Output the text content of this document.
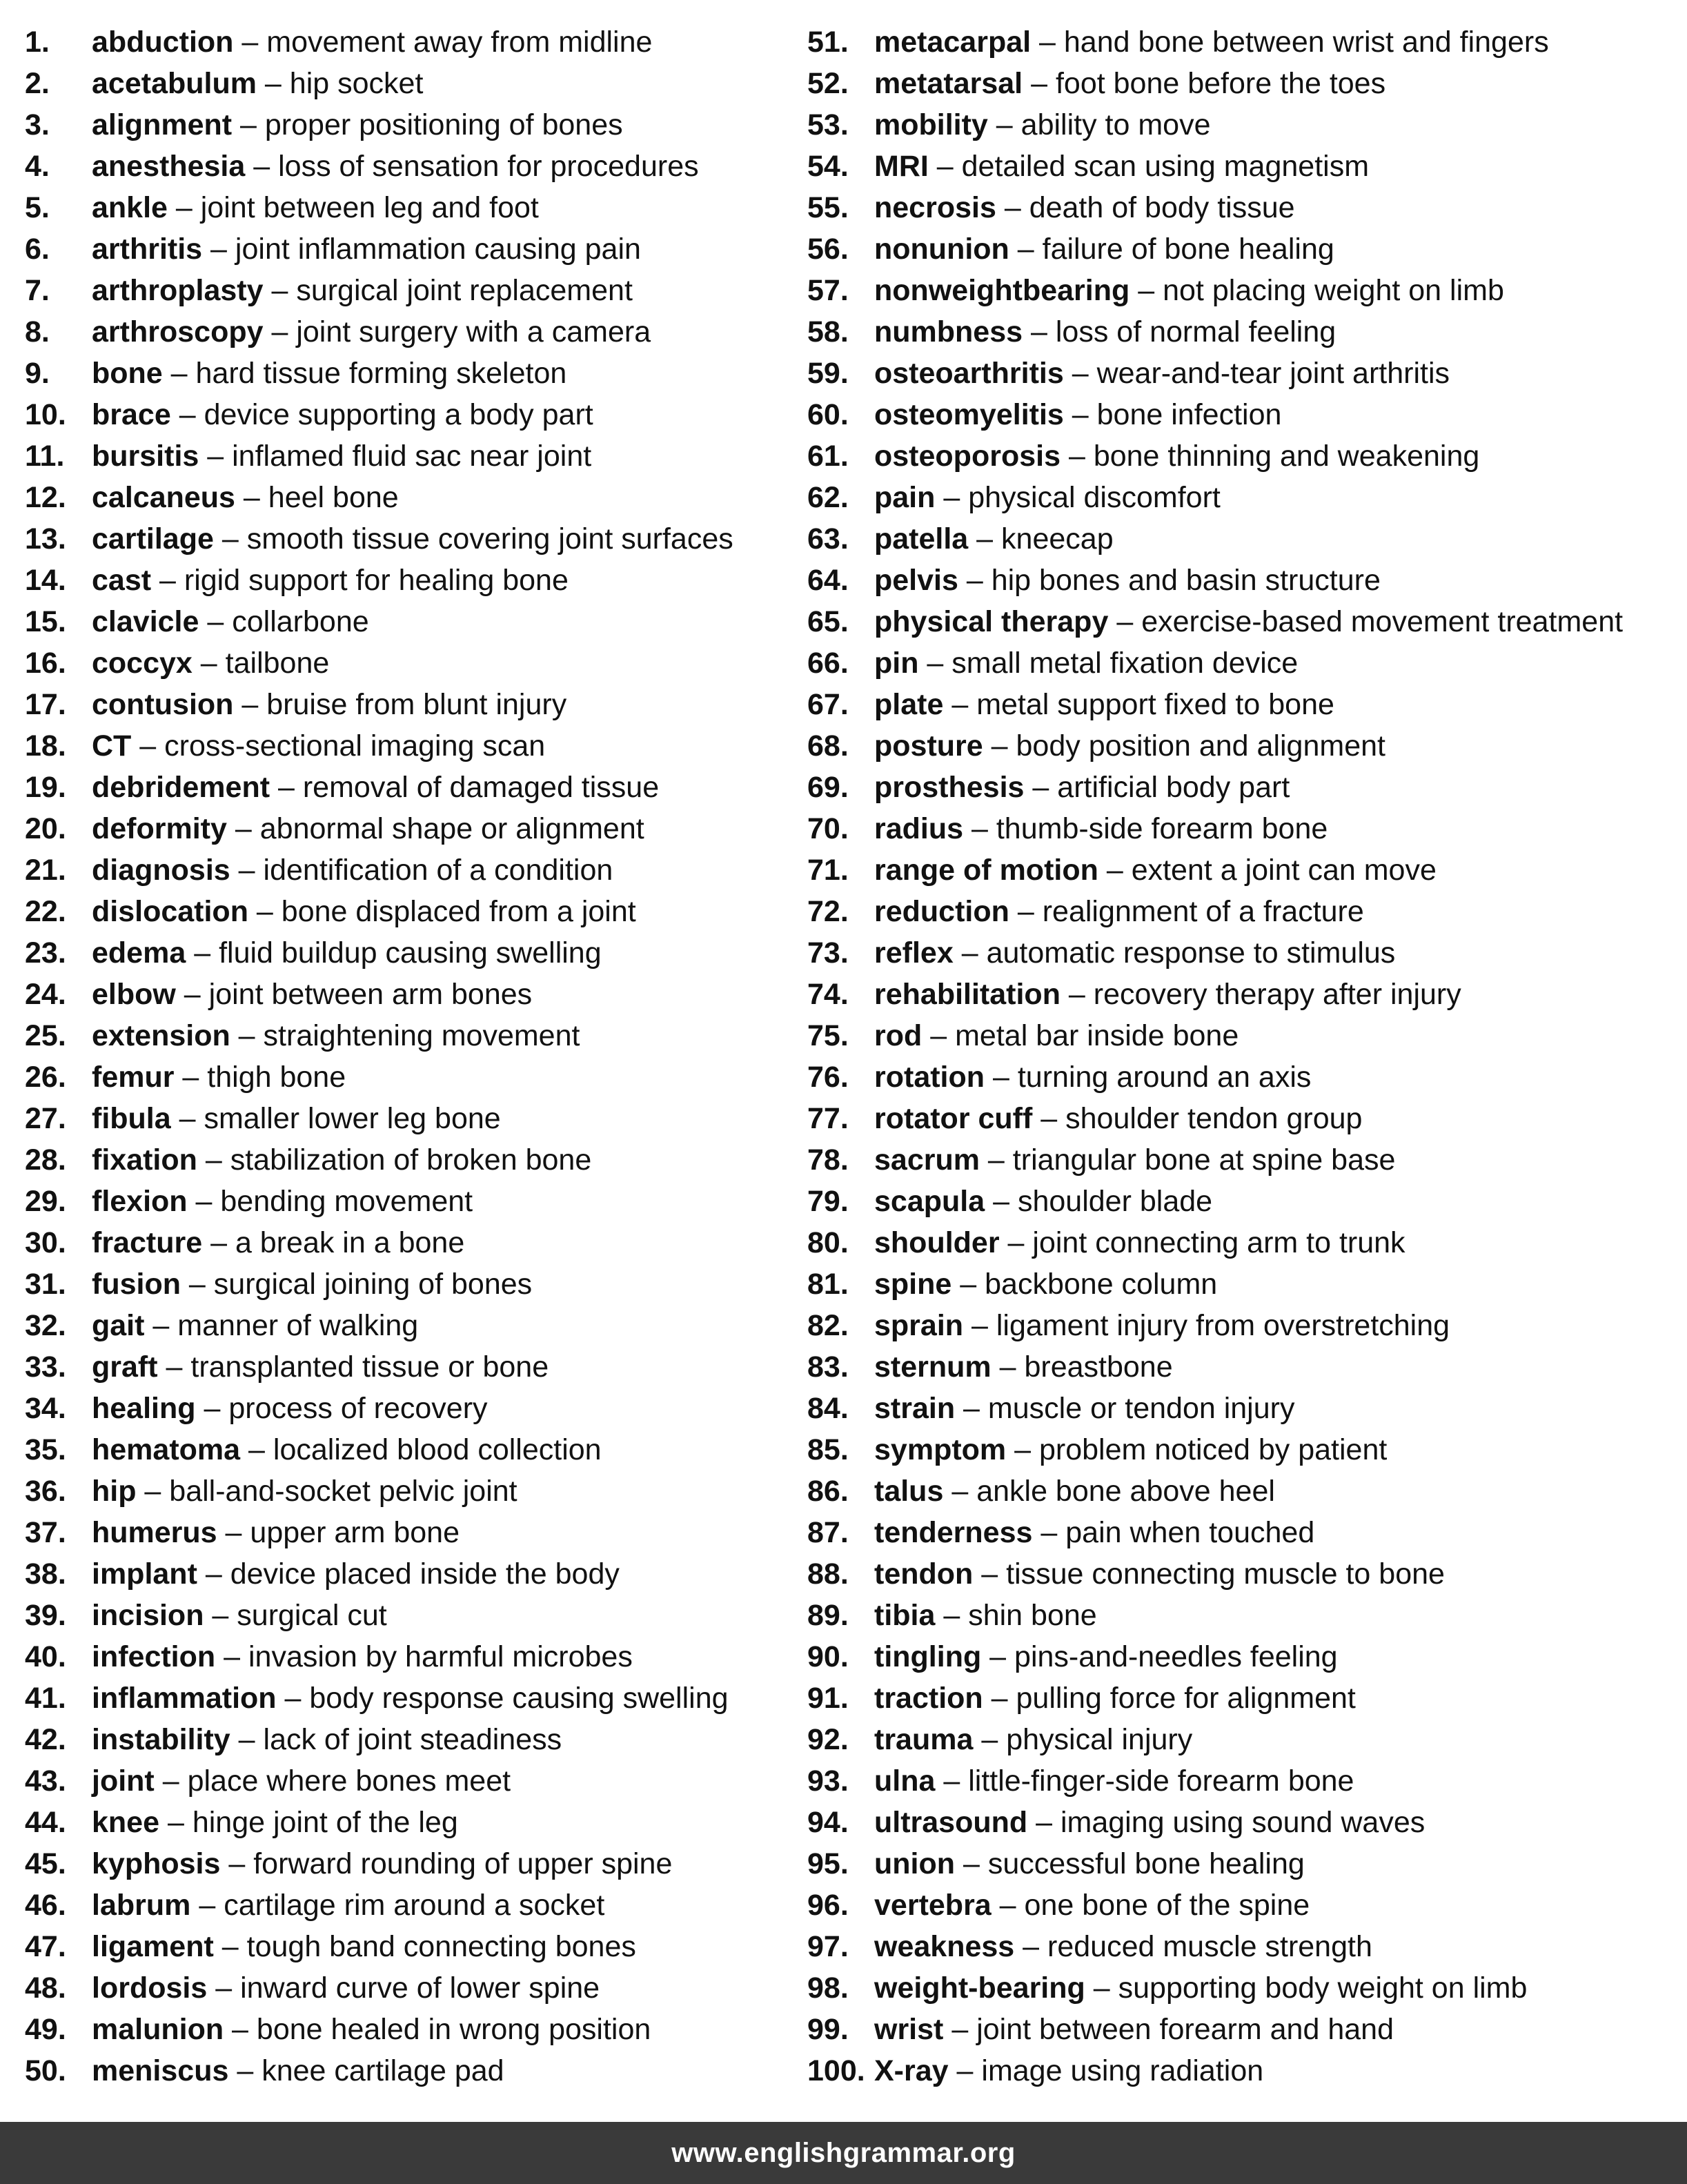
1. abduction – movement away from midline
2. acetabulum – hip socket
3. alignment – proper positioning of bones
4. anesthesia – loss of sensation for procedures
5. ankle – joint between leg and foot
6. arthritis – joint inflammation causing pain
7. arthroplasty – surgical joint replacement
8. arthroscopy – joint surgery with a camera
9. bone – hard tissue forming skeleton
10. brace – device supporting a body part
11. bursitis – inflamed fluid sac near joint
12. calcaneus – heel bone
13. cartilage – smooth tissue covering joint surfaces
14. cast – rigid support for healing bone
15. clavicle – collarbone
16. coccyx – tailbone
17. contusion – bruise from blunt injury
18. CT – cross-sectional imaging scan
19. debridement – removal of damaged tissue
20. deformity – abnormal shape or alignment
21. diagnosis – identification of a condition
22. dislocation – bone displaced from a joint
23. edema – fluid buildup causing swelling
24. elbow – joint between arm bones
25. extension – straightening movement
26. femur – thigh bone
27. fibula – smaller lower leg bone
28. fixation – stabilization of broken bone
29. flexion – bending movement
30. fracture – a break in a bone
31. fusion – surgical joining of bones
32. gait – manner of walking
33. graft – transplanted tissue or bone
34. healing – process of recovery
35. hematoma – localized blood collection
36. hip – ball-and-socket pelvic joint
37. humerus – upper arm bone
38. implant – device placed inside the body
39. incision – surgical cut
40. infection – invasion by harmful microbes
41. inflammation – body response causing swelling
42. instability – lack of joint steadiness
43. joint – place where bones meet
44. knee – hinge joint of the leg
45. kyphosis – forward rounding of upper spine
46. labrum – cartilage rim around a socket
47. ligament – tough band connecting bones
48. lordosis – inward curve of lower spine
49. malunion – bone healed in wrong position
50. meniscus – knee cartilage pad
51. metacarpal – hand bone between wrist and fingers
52. metatarsal – foot bone before the toes
53. mobility – ability to move
54. MRI – detailed scan using magnetism
55. necrosis – death of body tissue
56. nonunion – failure of bone healing
57. nonweightbearing – not placing weight on limb
58. numbness – loss of normal feeling
59. osteoarthritis – wear-and-tear joint arthritis
60. osteomyelitis – bone infection
61. osteoporosis – bone thinning and weakening
62. pain – physical discomfort
63. patella – kneecap
64. pelvis – hip bones and basin structure
65. physical therapy – exercise-based movement treatment
66. pin – small metal fixation device
67. plate – metal support fixed to bone
68. posture – body position and alignment
69. prosthesis – artificial body part
70. radius – thumb-side forearm bone
71. range of motion – extent a joint can move
72. reduction – realignment of a fracture
73. reflex – automatic response to stimulus
74. rehabilitation – recovery therapy after injury
75. rod – metal bar inside bone
76. rotation – turning around an axis
77. rotator cuff – shoulder tendon group
78. sacrum – triangular bone at spine base
79. scapula – shoulder blade
80. shoulder – joint connecting arm to trunk
81. spine – backbone column
82. sprain – ligament injury from overstretching
83. sternum – breastbone
84. strain – muscle or tendon injury
85. symptom – problem noticed by patient
86. talus – ankle bone above heel
87. tenderness – pain when touched
88. tendon – tissue connecting muscle to bone
89. tibia – shin bone
90. tingling – pins-and-needles feeling
91. traction – pulling force for alignment
92. trauma – physical injury
93. ulna – little-finger-side forearm bone
94. ultrasound – imaging using sound waves
95. union – successful bone healing
96. vertebra – one bone of the spine
97. weakness – reduced muscle strength
98. weight-bearing – supporting body weight on limb
99. wrist – joint between forearm and hand
100. X-ray – image using radiation
www.englishgrammar.org
